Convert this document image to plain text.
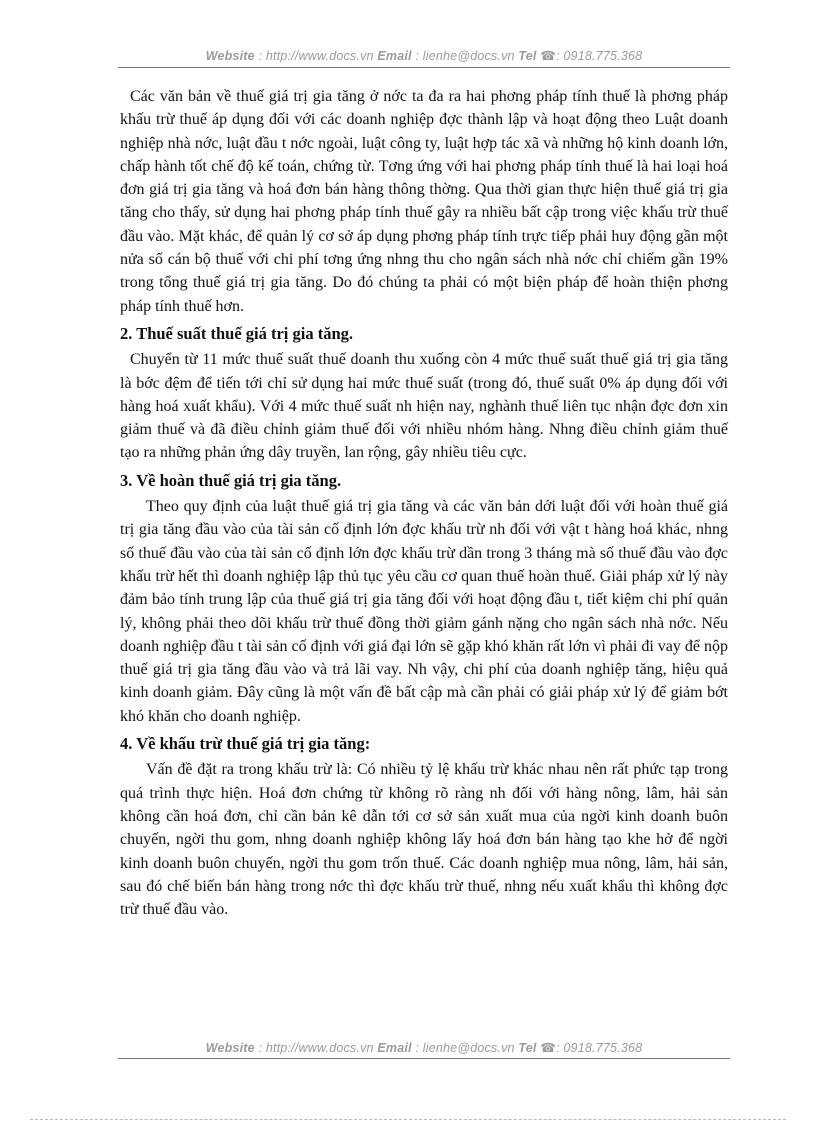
Website : http://www.docs.vn Email : lienhe@docs.vn Tel ☎: 0918.775.368

Các văn bản về thuế giá trị gia tăng ở nớc ta đa ra hai phơng pháp tính thuế là phơng pháp khấu trừ thuế áp dụng đối với các doanh nghiệp đợc thành lập và hoạt động theo Luật doanh nghiệp nhà nớc, luật đầu t nớc ngoài, luật công ty, luật hợp tác xã và những hộ kinh doanh lớn, chấp hành tốt chế độ kế toán, chứng từ. Tơng ứng với hai phơng pháp tính thuế là hai loại hoá đơn giá trị gia tăng và hoá đơn bán hàng thông thờng. Qua thời gian thực hiện thuế giá trị gia tăng cho thấy, sử dụng hai phơng pháp tính thuế gây ra nhiều bất cập trong việc khấu trừ thuế đầu vào. Mặt khác, để quản lý cơ sở áp dụng phơng pháp tính trực tiếp phải huy động gần một nửa số cán bộ thuế với chi phí tơng ứng nhng thu cho ngân sách nhà nớc chỉ chiếm gần 19% trong tổng thuế giá trị gia tăng. Do đó chúng ta phải có một biện pháp để hoàn thiện phơng pháp tính thuế hơn.

2. Thuế suất thuế giá trị gia tăng.

Chuyển từ 11 mức thuế suất thuế doanh thu xuống còn 4 mức thuế suất thuế giá trị gia tăng là bớc đệm để tiến tới chỉ sử dụng hai mức thuế suất (trong đó, thuế suất 0% áp dụng đối với hàng hoá xuất khẩu). Với 4 mức thuế suất nh hiện nay, nghành thuế liên tục nhận đợc đơn xin giảm thuế và đã điều chỉnh giảm thuế đối với nhiều nhóm hàng. Nhng điều chỉnh giảm thuế tạo ra những phản ứng dây truyền, lan rộng, gây nhiều tiêu cực.

3. Về hoàn thuế giá trị gia tăng.

Theo quy định của luật thuế giá trị gia tăng và các văn bản dới luật đối với hoàn thuế giá trị gia tăng đầu vào của tài sản cố định lớn đợc khấu trừ nh đối với vật t hàng hoá khác, nhng số thuế đầu vào của tài sản cố định lớn đợc khấu trừ dần trong 3 tháng mà số thuế đầu vào đợc khấu trừ hết thì doanh nghiệp lập thủ tục yêu cầu cơ quan thuế hoàn thuế. Giải pháp xử lý này đảm bảo tính trung lập của thuế giá trị gia tăng đối với hoạt động đầu t, tiết kiệm chi phí quản lý, không phải theo dõi khấu trừ thuế đồng thời giảm gánh nặng cho ngân sách nhà nớc. Nếu doanh nghiệp đầu t tài sản cố định với giá đại lớn sẽ gặp khó khăn rất lớn vì phải đi vay để nộp thuế giá trị gia tăng đầu vào và trả lãi vay. Nh vậy, chi phí của doanh nghiệp tăng, hiệu quả kinh doanh giảm. Đây cũng là một vấn đề bất cập mà cần phải có giải pháp xử lý để giảm bớt khó khăn cho doanh nghiệp.

4. Về khấu trừ thuế giá trị gia tăng:

Vấn đề đặt ra trong khấu trừ là: Có nhiều tỷ lệ khấu trừ khác nhau nên rất phức tạp trong quá trình thực hiện. Hoá đơn chứng từ không rõ ràng nh đối với hàng nông, lâm, hải sản không cần hoá đơn, chỉ cần bản kê dẫn tới cơ sở sản xuất mua của ngời kinh doanh buôn chuyến, ngời thu gom, nhng doanh nghiệp không lấy hoá đơn bán hàng tạo khe hở để ngời kinh doanh buôn chuyến, ngời thu gom trốn thuế. Các doanh nghiệp mua nông, lâm, hải sản, sau đó chế biến bán hàng trong nớc thì đợc khấu trừ thuế, nhng nếu xuất khẩu thì không đợc trừ thuế đầu vào.

Website : http://www.docs.vn Email : lienhe@docs.vn Tel ☎: 0918.775.368
